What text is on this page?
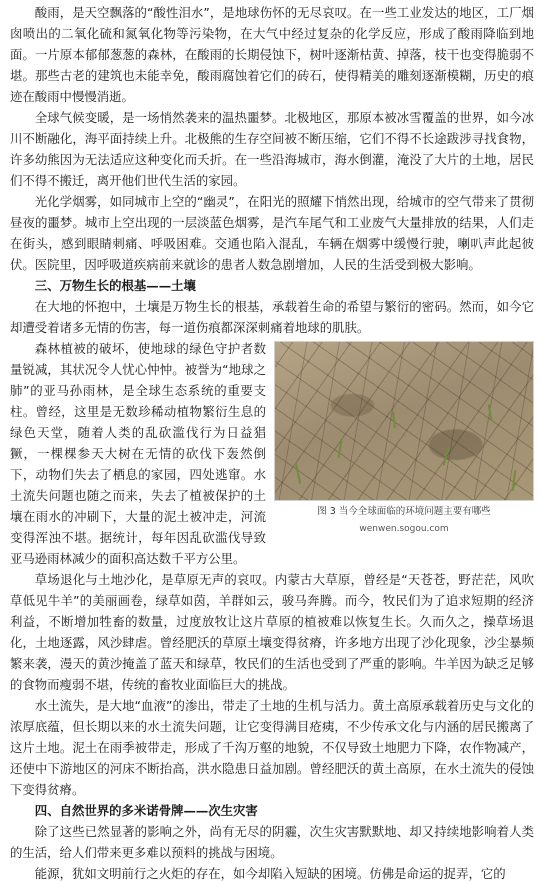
酸雨，是天空飘落的“酸性泪水”，是地球伤怀的无尽哀叹。在一些工业发达的地区，工厂烟囱喷出的二氧化硫和氮氧化物等污染物，在大气中经过复杂的化学反应，形成了酸雨降临到地面。一片原本郁郁葱葱的森林，在酸雨的长期侵蚀下，树叶逐渐枯黄、掉落，枝干也变得脆弱不堪。那些古老的建筑也未能幸免，酸雨腐蚀着它们的砖石，使得精美的雕刻逐渐模糊，历史的痕迹在酸雨中慢慢消逝。

全球气候变暖，是一场悄然袭来的温热噩梦。北极地区，那原本被冰雪覆盖的世界，如今冰川不断融化，海平面持续上升。北极熊的生存空间被不断压缩，它们不得不长途跋涉寻找食物，许多幼熊因为无法适应这种变化而夭折。在一些沿海城市，海水倒灌，淹没了大片的土地，居民们不得不搬迁，离开他们世代生活的家园。

光化学烟雾，如同城市上空的“幽灵”，在阳光的照耀下悄然出现，给城市的空气带来了贯彻昼夜的噩梦。城市上空出现的一层淡蓝色烟雾，是汽车尾气和工业废气大量排放的结果，人们走在街头，感到眼睛刺痛、呼吸困难。交通也陷入混乱，车辆在烟雾中缓慢行驶，喇叭声此起彼伏。医院里，因呼吸道疾病前来就诊的患者人数急剧增加，人民的生活受到极大影响。

三、万物生长的根基——土壤

在大地的怀抱中，土壤是万物生长的根基，承载着生命的希望与繁衍的密码。然而，如今它却遭受着诸多无情的伤害，每一道伤痕都深深刺痛着地球的肌肤。

图 3 当今全球面临的环境问题主要有哪些
wenwen.sogou.com

森林植被的破坏，使地球的绿色守护者数量锐减，其状况令人忧心忡忡。被誉为“地球之肺”的亚马孙雨林，是全球生态系统的重要支柱。曾经，这里是无数珍稀动植物繁衍生息的绿色天堂，随着人类的乱砍滥伐行为日益猖獗，一棵棵参天大树在无情的砍伐下轰然倒下，动物们失去了栖息的家园，四处逃窜。水土流失问题也随之而来，失去了植被保护的土壤在雨水的冲刷下，大量的泥土被冲走，河流变得浑浊不堪。据统计，每年因乱砍滥伐导致亚马逊雨林减少的面积高达数千平方公里。

草场退化与土地沙化，是草原无声的哀叹。内蒙古大草原，曾经是“天苍苍，野茫茫，风吹草低见牛羊”的美丽画卷，绿草如茵，羊群如云，骏马奔腾。而今，牧民们为了追求短期的经济利益，不断增加牲畜的数量，过度放牧让这片草原的植被难以恢复生长。久而久之，操草场退化，土地逐露，风沙肆虐。曾经肥沃的草原土壤变得贫瘠，许多地方出现了沙化现象，沙尘暴频繁来袭，漫天的黄沙掩盖了蓝天和绿草，牧民们的生活也受到了严重的影响。牛羊因为缺乏足够的食物而瘦弱不堪，传统的畜牧业面临巨大的挑战。

水土流失，是大地“血液”的渗出，带走了土地的生机与活力。黄土高原承载着历史与文化的浓厚底蕴，但长期以来的水土流失问题，让它变得满目疮痍，不少传承文化与内涵的居民搬离了这片土地。泥土在雨季被带走，形成了千沟万壑的地貌，不仅导致土地肥力下降，农作物减产，还使中下游地区的河床不断抬高，洪水隐患日益加剧。曾经肥沃的黄土高原，在水土流失的侵蚀下变得贫瘠。

四、自然世界的多米诺骨牌——次生灾害

除了这些已然显著的影响之外，尚有无尽的阴霾，次生灾害默默地、却又持续地影响着人类的生活，给人们带来更多难以预料的挑战与困境。

能源，犹如文明前行之火炬的存在，如今却陷入短缺的困境。仿佛是命运的捉弄，它的
